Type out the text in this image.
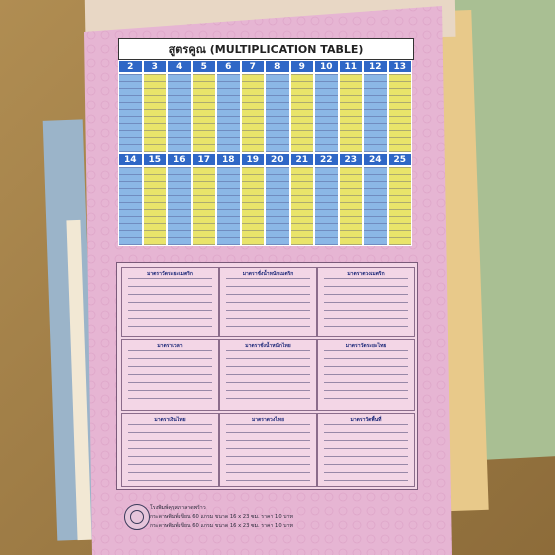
สูตรคูณ (MULTIPLICATION TABLE)
2	3	4	5	6	7	8	9	10	11	12	13
14	15	16	17	18	19	20	21	22	23	24	25
มาตราวัดระยะเมตริก	มาตราชั่งน้ำหนักเมตริก	มาตราตวงเมตริก
มาตราเวลา	มาตราชั่งน้ำหนักไทย	มาตราวัดระยะไทย
มาตราเงินไทย	มาตราตวงไทย	มาตราวัดพื้นที่
โรงพิมพ์คุรุสภาลาดพร้าว
กระดาษพิมพ์เขียน 60 แกรม ขนาด 16 x 23 ซม. ราคา 10 บาท
กระดาษพิมพ์เขียน 60 แกรม ขนาด 16 x 23 ซม. ราคา 10 บาท
